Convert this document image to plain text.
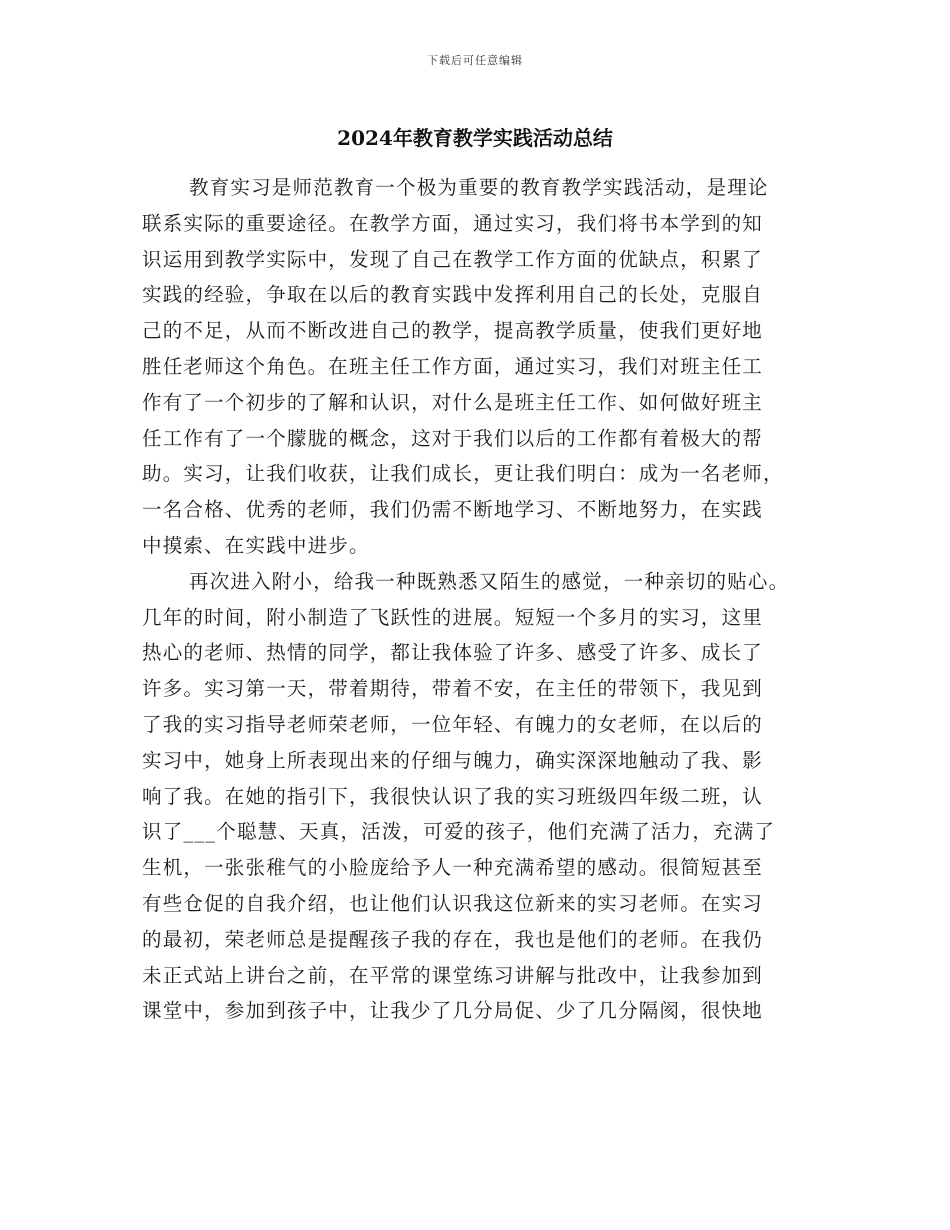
下载后可任意编辑
2024年教育教学实践活动总结
教育实习是师范教育一个极为重要的教育教学实践活动，是理论
联系实际的重要途径。在教学方面，通过实习，我们将书本学到的知
识运用到教学实际中，发现了自己在教学工作方面的优缺点，积累了
实践的经验，争取在以后的教育实践中发挥利用自己的长处，克服自
己的不足，从而不断改进自己的教学，提高教学质量，使我们更好地
胜任老师这个角色。在班主任工作方面，通过实习，我们对班主任工
作有了一个初步的了解和认识，对什么是班主任工作、如何做好班主
任工作有了一个朦胧的概念，这对于我们以后的工作都有着极大的帮
助。实习，让我们收获，让我们成长，更让我们明白：成为一名老师，
一名合格、优秀的老师，我们仍需不断地学习、不断地努力，在实践
中摸索、在实践中进步。
再次进入附小，给我一种既熟悉又陌生的感觉，一种亲切的贴心。
几年的时间，附小制造了飞跃性的进展。短短一个多月的实习，这里
热心的老师、热情的同学，都让我体验了许多、感受了许多、成长了
许多。实习第一天，带着期待，带着不安，在主任的带领下，我见到
了我的实习指导老师荣老师，一位年轻、有魄力的女老师，在以后的
实习中，她身上所表现出来的仔细与魄力，确实深深地触动了我、影
响了我。在她的指引下，我很快认识了我的实习班级四年级二班，认
识了___个聪慧、天真，活泼，可爱的孩子，他们充满了活力，充满了
生机，一张张稚气的小脸庞给予人一种充满希望的感动。很简短甚至
有些仓促的自我介绍，也让他们认识我这位新来的实习老师。在实习
的最初，荣老师总是提醒孩子我的存在，我也是他们的老师。在我仍
未正式站上讲台之前，在平常的课堂练习讲解与批改中，让我参加到
课堂中，参加到孩子中，让我少了几分局促、少了几分隔阂，很快地
